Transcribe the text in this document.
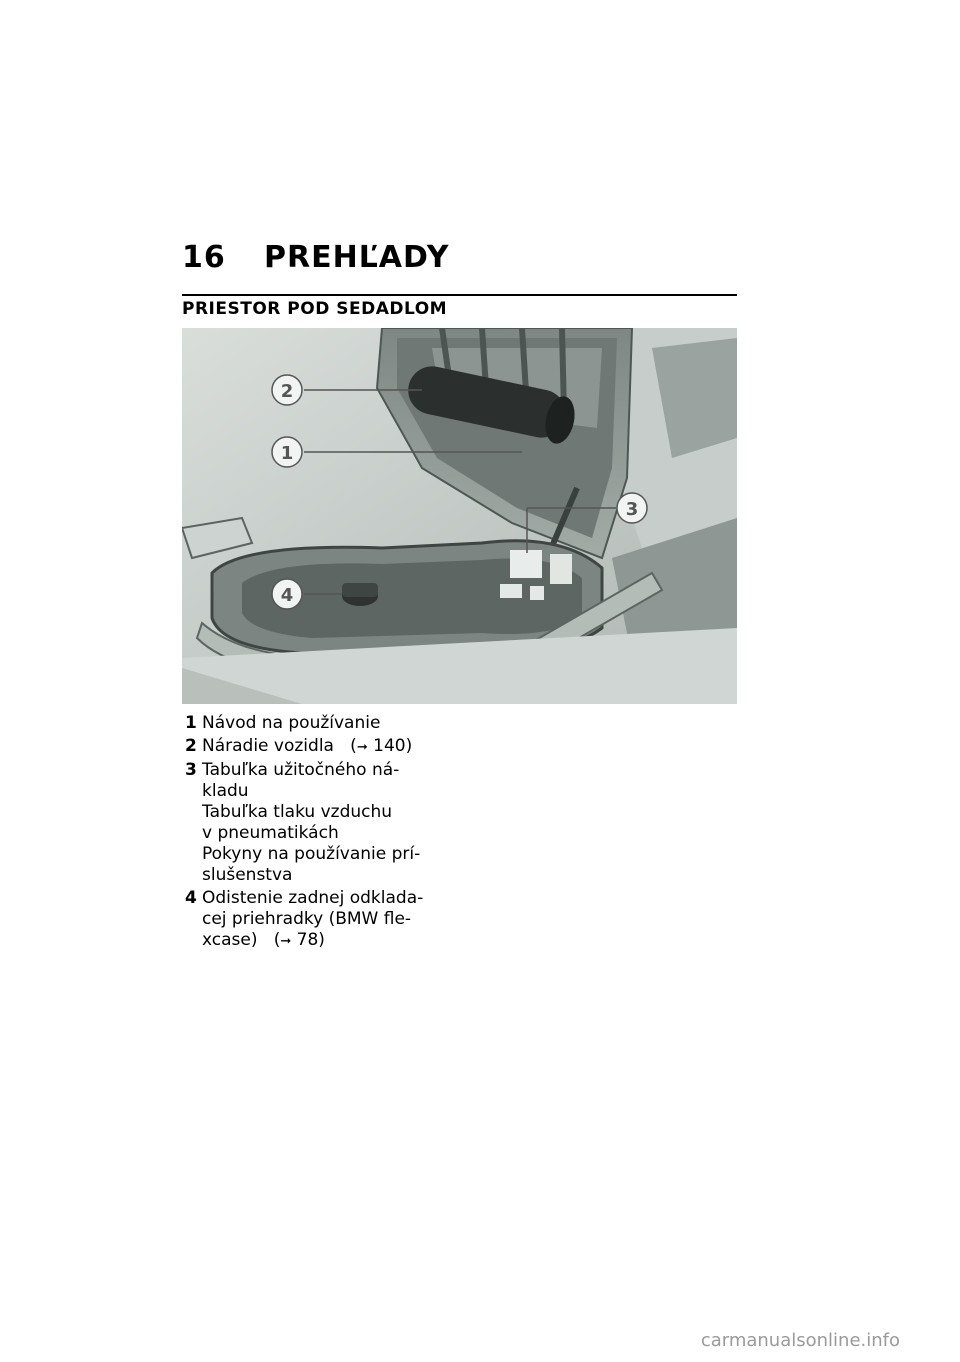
16 PREHĽADY
PRIESTOR POD SEDADLOM
2
1
3
4
1 Návod na používanie
2 Náradie vozidla   (➞ 140)
3 Tabuľka užitočného ná-
kladu
Tabuľka tlaku vzduchu
v pneumatikách
Pokyny na používanie prí-
slušenstva
4 Odistenie zadnej odklada-
cej priehradky (BMW fle-
xcase)   (➞ 78)
carmanualsonline.info
